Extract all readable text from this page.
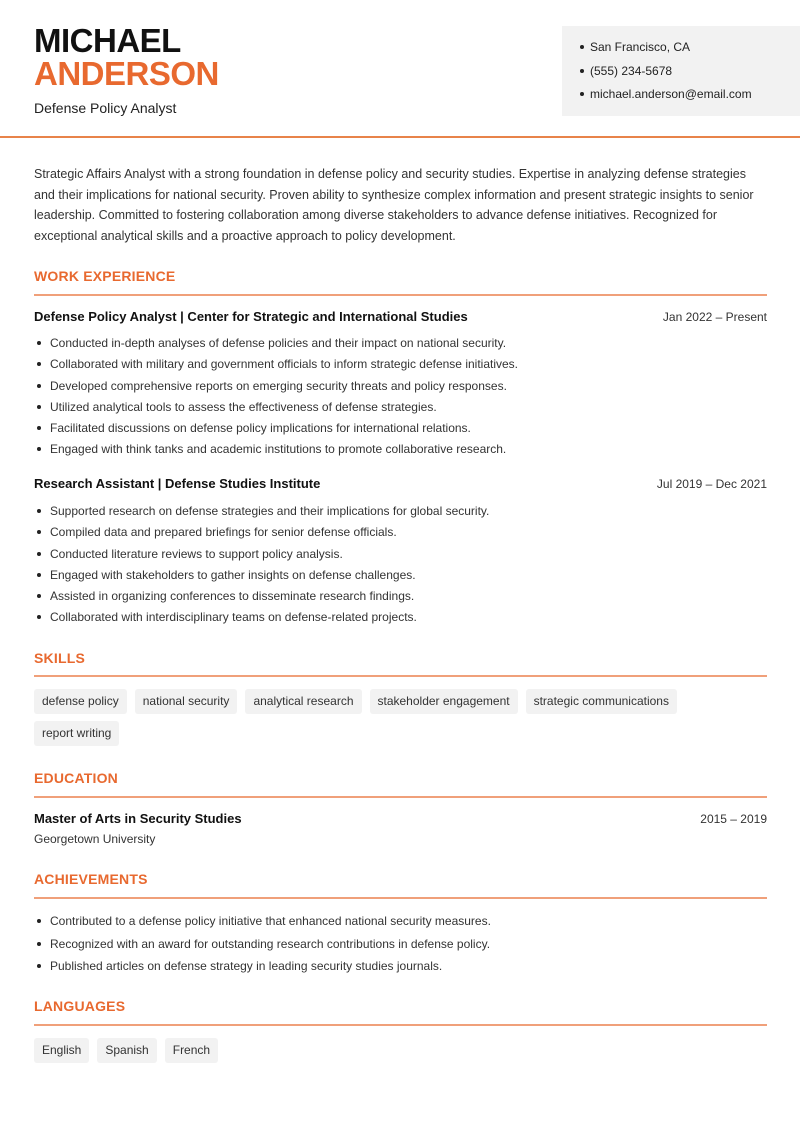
MICHAEL
ANDERSON
Defense Policy Analyst
San Francisco, CA
(555) 234-5678
michael.anderson@email.com
Strategic Affairs Analyst with a strong foundation in defense policy and security studies. Expertise in analyzing defense strategies and their implications for national security. Proven ability to synthesize complex information and present strategic insights to senior leadership. Committed to fostering collaboration among diverse stakeholders to advance defense initiatives. Recognized for exceptional analytical skills and a proactive approach to policy development.
WORK EXPERIENCE
Defense Policy Analyst | Center for Strategic and International Studies	Jan 2022 – Present
Conducted in-depth analyses of defense policies and their impact on national security.
Collaborated with military and government officials to inform strategic defense initiatives.
Developed comprehensive reports on emerging security threats and policy responses.
Utilized analytical tools to assess the effectiveness of defense strategies.
Facilitated discussions on defense policy implications for international relations.
Engaged with think tanks and academic institutions to promote collaborative research.
Research Assistant | Defense Studies Institute	Jul 2019 – Dec 2021
Supported research on defense strategies and their implications for global security.
Compiled data and prepared briefings for senior defense officials.
Conducted literature reviews to support policy analysis.
Engaged with stakeholders to gather insights on defense challenges.
Assisted in organizing conferences to disseminate research findings.
Collaborated with interdisciplinary teams on defense-related projects.
SKILLS
defense policy	national security	analytical research	stakeholder engagement	strategic communications
report writing
EDUCATION
Master of Arts in Security Studies	2015 – 2019
Georgetown University
ACHIEVEMENTS
Contributed to a defense policy initiative that enhanced national security measures.
Recognized with an award for outstanding research contributions in defense policy.
Published articles on defense strategy in leading security studies journals.
LANGUAGES
English	Spanish	French
